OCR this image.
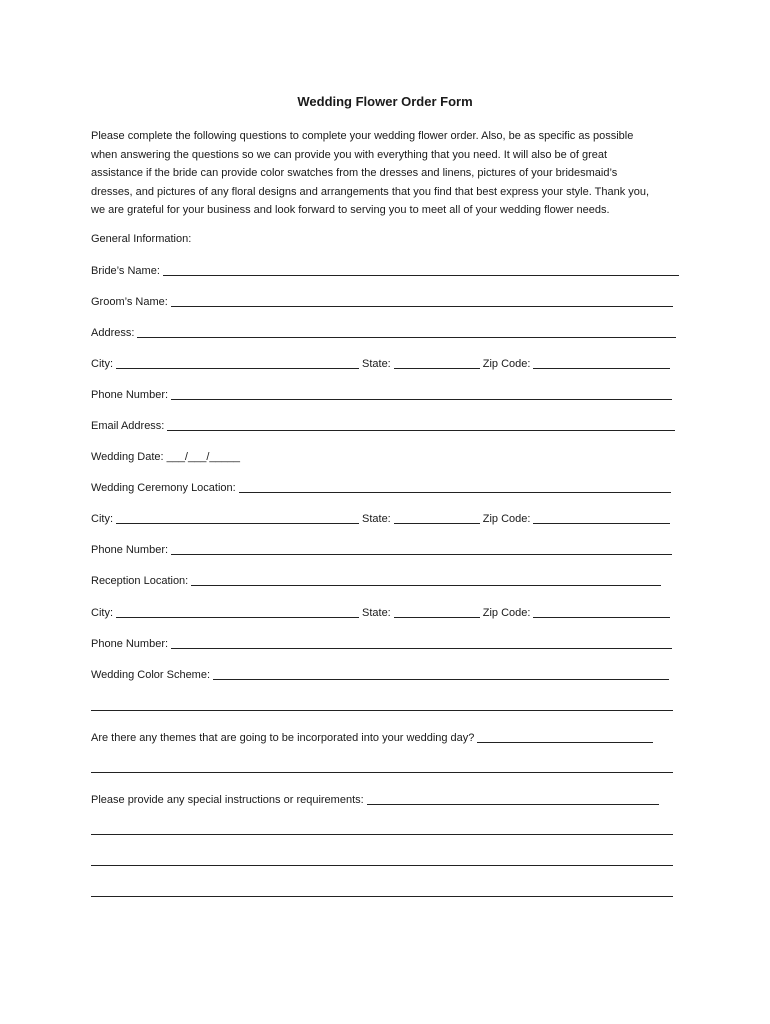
Wedding Flower Order Form
Please complete the following questions to complete your wedding flower order. Also, be as specific as possible
when answering the questions so we can provide you with everything that you need. It will also be of great
assistance if the bride can provide color swatches from the dresses and linens, pictures of your bridesmaid’s
dresses, and pictures of any floral designs and arrangements that you find that best express your style. Thank you,
we are grateful for your business and look forward to serving you to meet all of your wedding flower needs.
General Information:
Bride’s Name:
Groom’s Name:
Address:
City:	State:	Zip Code:
Phone Number:
Email Address:
Wedding Date: ___/___/_____
Wedding Ceremony Location:
City:	State:	Zip Code:
Phone Number:
Reception Location:
City:	State:	Zip Code:
Phone Number:
Wedding Color Scheme:
Are there any themes that are going to be incorporated into your wedding day?
Please provide any special instructions or requirements:
